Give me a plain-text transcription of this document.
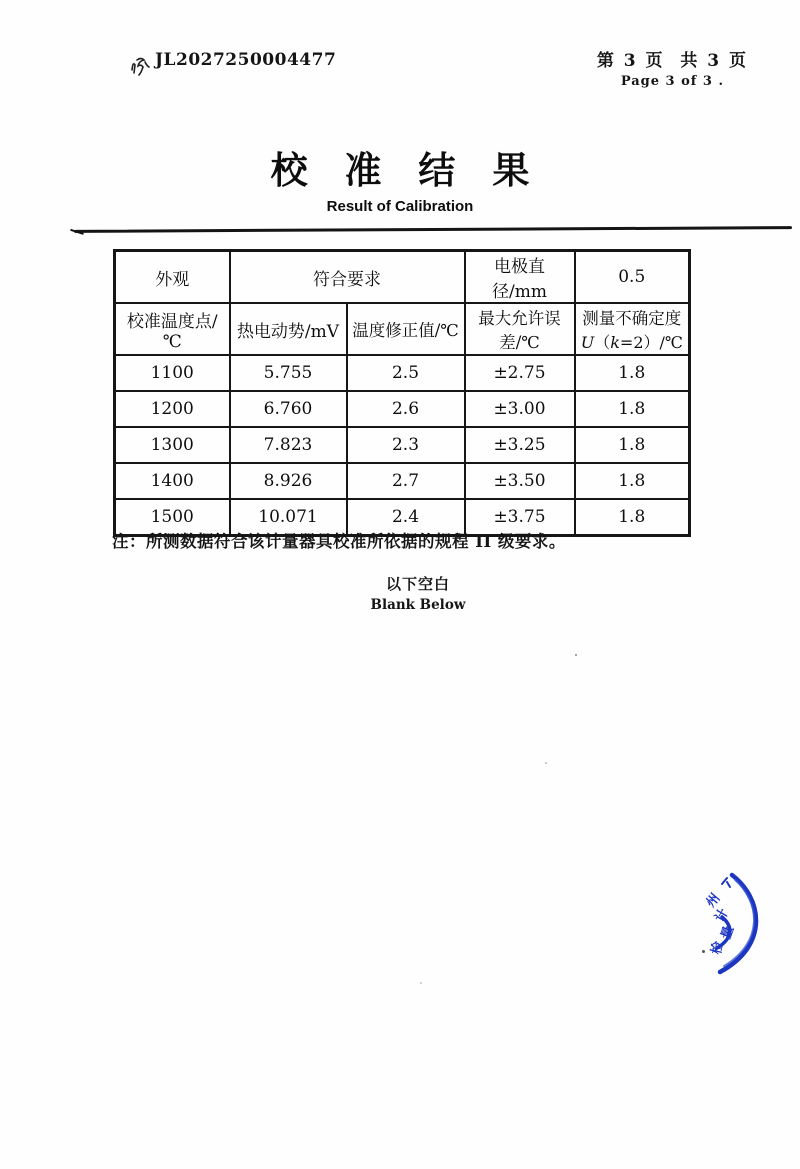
JL2027250004477	第 3 页  共 3 页
Page 3 of 3 .
校 准 结 果
Result of Calibration
外观	符合要求		电极直径/mm	0.5
校准温度点/℃	热电动势/mV	温度修正值/℃	最大允许误差/℃	测量不确定度
U（k=2）/℃

1100	5.755	2.5	±2.75	1.8
1200	6.760	2.6	±3.00	1.8
1300	7.823	2.3	±3.25	1.8
1400	8.926	2.7	±3.50	1.8
1500	10.071	2.4	±3.75	1.8
注：所测数据符合该计量器具校准所依据的规程 II 级要求。
以下空白
Blank Below
州
计
量
检
